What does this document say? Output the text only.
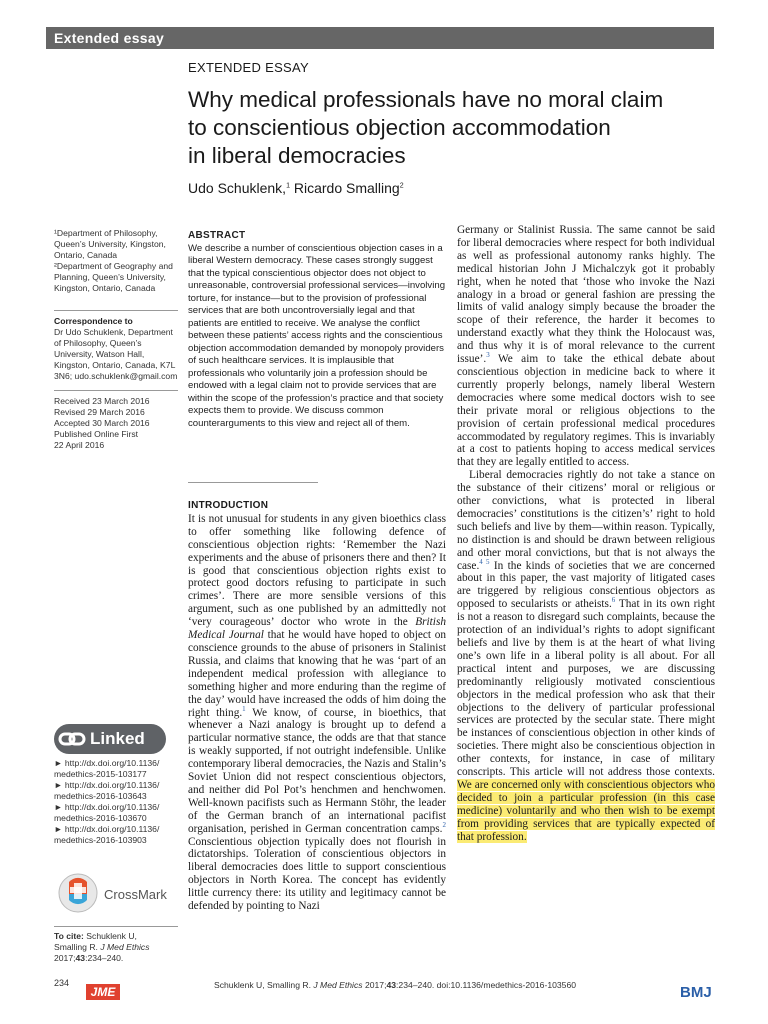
Extended essay
EXTENDED ESSAY
Why medical professionals have no moral claim
to conscientious objection accommodation
in liberal democracies
Udo Schuklenk,$^1$ Ricardo Smalling$^2$

¹Department of Philosophy,

Queen’s University, Kingston,

Ontario, Canada

²Department of Geography and

Planning, Queen’s University,

Kingston, Ontario, Canada

Correspondence to

Dr Udo Schuklenk, Department

of Philosophy, Queen’s

University, Watson Hall,

Kingston, Ontario, Canada, K7L

3N6; udo.schuklenk@gmail.com

Received 23 March 2016

Revised 29 March 2016

Accepted 30 March 2016

Published Online First

22 April 2016

Linked
► http://dx.doi.org/10.1136/
medethics-2015-103177
► http://dx.doi.org/10.1136/
medethics-2016-103643
► http://dx.doi.org/10.1136/
medethics-2016-103670
► http://dx.doi.org/10.1136/
medethics-2016-103903
CrossMark
To cite: Schuklenk U,
Smalling R. J Med Ethics
2017;43:234–240.
ABSTRACT
We describe a number of conscientious objection cases in a liberal Western democracy. These cases strongly suggest that the typical conscientious objector does not object to unreasonable, controversial professional services—involving torture, for instance—but to the provision of professional services that are both uncontroversially legal and that patients are entitled to receive. We analyse the conflict between these patients’ access rights and the conscientious objection accommodation demanded by monopoly providers of such healthcare services. It is implausible that professionals who voluntarily join a profession should be endowed with a legal claim not to provide services that are within the scope of the profession’s practice and that society expects them to provide. We discuss common counterarguments to this view and reject all of them.
INTRODUCTION

It is not unusual for students in any given bioethics class to offer something like following defence of conscientious objection rights: ‘Remember the Nazi experiments and the abuse of prisoners there and then? It is good that conscientious objection rights exist to protect good doctors refusing to participate in such crimes’. There are more sensible versions of this argument, such as one published by an admittedly not ‘very courageous’ doctor who wrote in the British Medical Journal that he would have hoped to object on conscience grounds to the abuse of prisoners in Stalinist Russia, and claims that knowing that he was ‘part of an independent medical profession with allegiance to something higher and more enduring than the regime of the day’ would have increased the odds of him doing the right thing.$^1$ We know, of course, in bioethics, that whenever a Nazi analogy is brought up to defend a particular normative stance, the odds are that that stance is weakly supported, if not outright indefensible. Unlike contemporary liberal democracies, the Nazis and Stalin’s Soviet Union did not respect conscientious objectors, and neither did Pol Pot’s henchmen and henchwomen. Well-known pacifists such as Hermann Stöhr, the leader of the German branch of an international pacifist organisation, perished in German concentration camps.$^2$ Conscientious objection typically does not flourish in dictatorships. Toleration of conscientious objectors in liberal democracies does little to support conscientious objectors in North Korea. The concept has evidently little currency there: its utility and legitimacy cannot be defended by pointing to Nazi

Germany or Stalinist Russia. The same cannot be said for liberal democracies where respect for both individual as well as professional autonomy ranks highly. The medical historian John J Michalczyk got it probably right, when he noted that ‘those who invoke the Nazi analogy in a broad or general fashion are pressing the limits of valid analogy simply because the broader the scope of their reference, the harder it becomes to understand exactly what they think the Holocaust was, and thus why it is of moral relevance to the current issue’.$^3$ We aim to take the ethical debate about conscientious objection in medicine back to where it currently properly belongs, namely liberal Western democracies where some medical doctors wish to see their private moral or religious objections to the provision of certain professional medical procedures accommodated by regulatory regimes. This is invariably at a cost to patients hoping to access medical services that they are legally entitled to access.

Liberal democracies rightly do not take a stance on the substance of their citizens’ moral or religious or other convictions, what is protected in liberal democracies’ constitutions is the citizen’s’ right to hold such beliefs and live by them—within reason. Typically, no distinction is and should be drawn between religious and other moral convictions, but that is not always the case.$^{4 5}$ In the kinds of societies that we are concerned about in this paper, the vast majority of litigated cases are triggered by religious conscientious objectors as opposed to secularists or atheists.$^6$ That in its own right is not a reason to disregard such complaints, because the protection of an individual’s rights to adopt significant beliefs and live by them is at the heart of what living one’s own life in a liberal polity is all about. For all practical intent and purposes, we are discussing predominantly religiously motivated conscientious objectors in the medical profession who ask that their objections to the delivery of particular professional services are protected by the secular state. There might be instances of conscientious objection in other kinds of societies. There might also be conscientious objection in other contexts, for instance, in case of military conscripts. This article will not address those contexts. We are concerned only with conscientious objectors who decided to join a particular profession (in this case medicine) voluntarily and who then wish to be exempt from providing services that are typically expected of that profession.

234
JME	Schuklenk U, Smalling R. J Med Ethics 2017;43:234–240. doi:10.1136/medethics-2016-103560	BMJ
